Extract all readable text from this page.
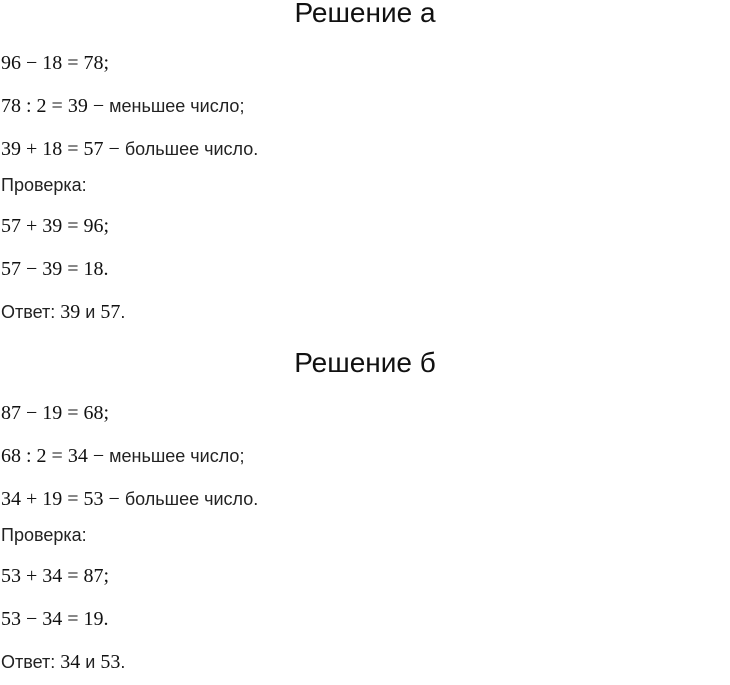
Решение а

96 − 18 = 78;

78 : 2 = 39 − меньшее число;

39 + 18 = 57 − большее число.

Проверка:

57 + 39 = 96;

57 − 39 = 18.

Ответ: 39 и 57.

Решение б

87 − 19 = 68;

68 : 2 = 34 − меньшее число;

34 + 19 = 53 − большее число.

Проверка:

53 + 34 = 87;

53 − 34 = 19.

Ответ: 34 и 53.
